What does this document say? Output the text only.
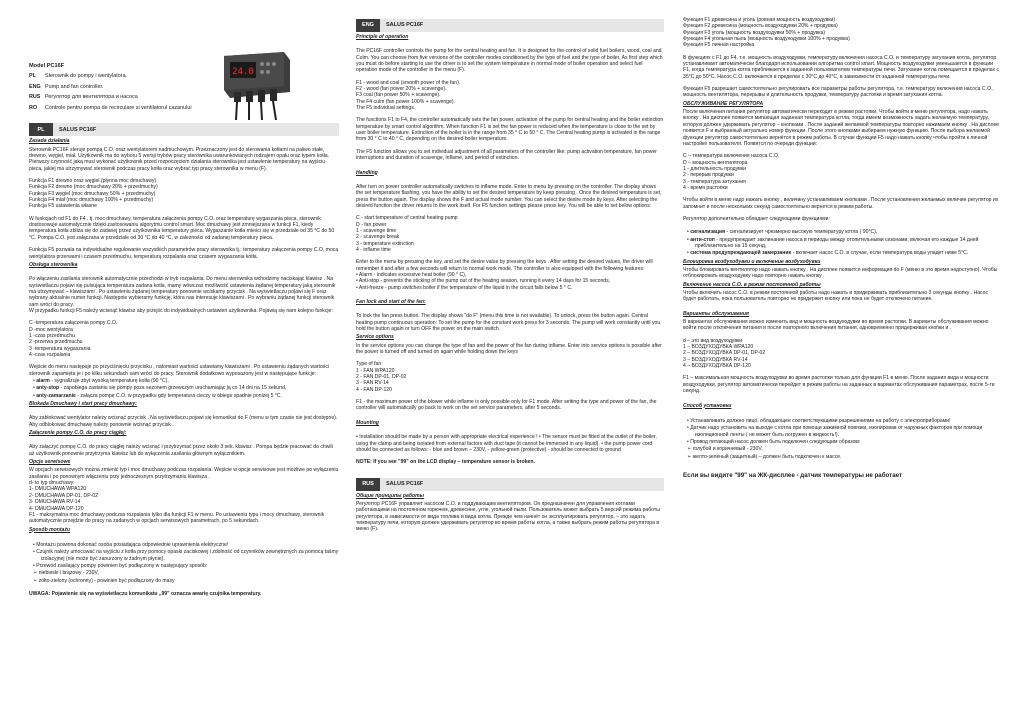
Model PC16F
PL Sterownik do pompy i wentylatora.
ENG Pump and fan controller.
RUS Регулятор для вентилятора и насоса
RO Controle pentru pompa de recirculare si ventilatorul cazanului
PL	SALUS PC16F
Zasada działania

Sterownik PC16F steruje pompą C.O. oraz wentylatorem nadmuchowym. Przeznaczony jest do sterowania kotłami na paliwo stałe, drewno, węgiel, miał. Użytkownik ma do wyboru 5 wersji trybów pracy sterownika uwarunkowanych rodzajem opału oraz typem kotła. Pierwszy czynność jaką musi wykonać użytkownik przed rozpoczęciem działania sterownika jest ustawienie temperatury na wyjściu pieca, jakiej ma utrzymywać sterownik podczas pracy kotła oraz wybrać typ pracy sterownika w menu (F).

Funkcja F1 drewno oraz węgiel (płynna moc dmuchawy)

Funkcja F2 drewno (moc dmuchawy 20% + przedmuchy)

Funkcja F3 węgiel (moc dmuchawy 50% + przedmuchy)

Funkcja F4 miał (moc dmuchawy 100% + przedmuchy)

Funkcja F5 ustawienia własne

W funkcjach od F1 do F4 , tj. moc dmuchawy, temperatura załączenia pompy C.O. oraz temperaturę wygaszania pieca, sterownik dostosowuje automatycznie dzięki zastosowaniu algorytmu control smart. Moc dmuchawy jest zmniejszana w funkcji F1, kiedy temperatura kotła zbliża się do zadanej przez użytkownika temperatury pieca. Wygaszanie kotła mieści się w przedziale od 35 °C do 50 °C. Pompa C.O. jest załączana w przedziale od 30 °C do 40 °C, w zależności od zadanej temperatury pieca.

Funkcja F5 pozwala na indywidualne regulowanie wszystkich parametrów pracy sterownika tj.: temperatury załączenia pompy C.O, mocą wentylatora przerwami i czasem przedmuchu, temperaturą rozpalania oraz czasem wygaszania kotła.

Obsługa sterownika

Po włączeniu zasilania sterownik automatycznie przechodzi w tryb rozpalania. Do menu sterownika wchodzimy naciskając klawisz . Na wyświetlaczu pojawi się pulsująca temperatura zadana kotła, mamy wówczas możliwość ustawienia żądanej temperatury jaką sterownik ma utrzymywać – klawiszami . Po ustawieniu żądanej temperatury ponownie wciskamy przycisk . Na wyświetlaczu pojawi się F oraz wybrany aktualnie numer funkcji. Następnie wybieramy funkcję, która nas interesuje klawiszami . Po wybraniu żądanej funkcji sterownik sam wróci do pracy.

W przypadku funkcji F5 należy wcisnąć klawisz aby przejść do indywidualnych ustawień użytkownika. Pojawią się nam kolejno funkcje:

C -temperatura załączenia pompy C.O.

D -moc wentylatora

1 -czas przedmuchu

2 -przerwa przedmuchu

3 -temperatura wygaszania

4 -czas rozpalania

Wejście do menu następuje po przyciśnięciu przycisku , natomiast wartości ustawiamy klawiszami . Po ustawieniu żądanych wartości sterownik zapamięta je i po kilku sekundach sam wróci do pracy. Sterownik dodatkowo wyposażony jest w następujące funkcje:

• alarm - sygnalizuje zbyt wysoką temperaturę kotła (90 °C),

• anty-stop - zapobiega zastaniu się pompy poza sezonem grzewczym uruchamiając ją co 14 dni na 15 sekund,

• anty-zamarzanie - załącza pompę C.O. w przypadku gdy temperatura cieczy w obiegu spadnie poniżej 5 °C.

Blokada Dmuchawy i start pracy dmuchawy:

Aby zablokować wentylator należy wcisnąć przycisk . Na wyświetlaczu pojawi się komunikat do F (menu w tym czasie nie jest dostępne). Aby odblokować dmuchawę należy ponownie wcisnąć przycisk .

Załączenie pompy C.O. do pracy ciągłej:

Aby załączyć pompę C.O. do pracy ciągłej należy wcisnąć i przytrzymać przez około 3 sek. klawisz . Pompa będzie pracować do chwili aż użytkownik ponownie przytrzyma klawisz lub do wyłączenia zasilania głównym wyłącznikiem.

Opcje serwisowe

W opcjach serwisowych można zmienić typ i moc dmuchawy podczas rozpalania. Wejście w opcje serwisowe jest możliwe po wyłączeniu zasilania i po ponownym włączeniu przy jednoczesnym przytrzymaniu klawisza .

d- to typ dmuchawy:

1- DMUCHAWA WPA120

2- DMUCHAWA DP-01, DP-02

3- DMUCHAWA RV-14

4- DMUCHAWA DP-120

F1 - maksymalna moc dmuchawy podczas rozpalania tylko dla funkcji F1 w menu. Po ustawieniu typu i mocy dmuchawy, sterownik automatycznie przejdzie do pracy na zadanych w opcjach serwisowych parametrach, po 5 sekundach.

Sposób montażu

• Montażu powinna dokonać osoba posiadająca odpowiednie uprawnienia elektryczne!

• Czujnik należy umocować na wyjściu z kotła przy pomocy opaski zaciskowej i zdolność od czynników zewnętrznych za pomocą taśmy izolacyjnej (nie może być zanurzony w żadnym płynie).

• Przewód zasilający pompy powinien być podłączony w następujący sposób:

➢ niebieski i brązowy - 230V,

➢ żółto-zielony (ochronny) - powinien być podłączony do masy

UWAGA: Pojawienie się na wyświetlaczu komunikatu „99" oznacza awarię czujnika temperatury.

24.0
ENG	SALUS PC16F
Principle of operation

The PC16F controller controls the pump for the central heating and fan. It is designed for the control of solid fuel boilers, wood, coal and Culm. You can choose from five versions of the controller modes conditioned by the type of fuel and the type of boiler. As first step which you must do before starting to use the driver is to set the system temperature in normal mode of boiler operation and select fuel operation mode of the controller in the menu (F).

F1 - wood and coal (smooth power of the fan).

F2 - wood (fan power 20% + scavenge).

F3 coal (fan power 50% + scavenge).

The F4 culm (fan power 100% + scavenge).

The F5 individual settings.

The functions F1 to F4, the controller automatically sets the fan power, activation of the pump for central heating and the boiler extinction temperature by smart control algorithm. When function F1 is set the fan power is reduced when the temperature is close to the set by user boiler temperature. Extinction of the boiler is in the range from 35 ° C to 50 ° C. The Central heating pump is activated in the range from 30 ° C to 40 ° C, depending on the desired boiler temperature.

The F5 function allows you to set individual adjustment of all parameters of the controller like: pump activation temperature, fan power interruptions and duration of scavenge, inflame, and period of extinction.

Handling

After turn on power controller automatically switches to inflame mode. Enter to menu by pressing on the controller. The display shows the set temperature flashing, you have the ability to set the desired temperature by keep pressing . Once the desired temperature is set, press the button again. The display shows the F and actual mode number. You can select the desire mode by keys. After selecting the desired function the driver returns to the work itself. For F5 function settings please press key. You will be able to set below options:

C - start temperature of central heating pump

D - fan power

1 - scavenge time

2 - scavenge break

3 - temperature extinction

4 - inflame time

Enter to the menu by pressing the key, and set the desire value by pressing the keys . After setting the desired values, the driver will remember it and after a few seconds will return to normal work mode. The controller is also equipped with the following features:

• Alarm - indicates excessive heat boiler (90 ° C),

• Anti-stop - prevents the sticking of the pump out of the heating season, running it every 14 days for 15 seconds,

• Anti-freeze - pump switches boiler if the temperature of the liquid in the circuit falls below 5 ° C.

Fan lock and start of the fan:

To lock the fan press button. The display shows "do F" (menu this time is not available). To unlock, press the button again. Central heating pump continuous operation: To set the pump for the constant work press for 3 seconds. The pump will work constantly until you hold the button again or turn OFF the power on the main switch.

Service options

In the service options you can change the type of fan and the power of the fan during inflame. Enter into service options is possible after the power is turned off and turned on again while holding down the keys

Type of fan:

1 - FAN WPA120

2 - FAN DP-01, DP-02

3 - FAN RV-14

4 - FAN DP-120

F1 - the maximum power of the blower while inflame is only possible only for F1 mode. After setting the type and power of the fan, the controller will automatically go back to work on the set service parameters, after 5 seconds.

Mounting

• Installation should be made by a person with appropriate electrical experience ! • The sensor must be fitted at the outlet of the boiler, using the clamp and being isolated from external factors with duct tape (it cannot be immersed in any liquid). • the pump power cord should be connected as follows: - blue and brown – 230V, - yellow-green (protective) - should be connected to ground

NOTE: If you see "99" on the LCD display – temperature sensor is broken.

RUS	SALUS PC16F
Общие принципы работы

Регулятор PC16F управляет насосом С.О. и поддувающим вентилятором. Он предназначен для управления котлами работающими на постоянном горючем, древесине, угле, угольной пыли. Пользователь может выбрать 5 версий режима работы регулятора, в зависимости от вида топлива и вида котла. Прежде чем начнёт он эксплуатировать регулятор, – это задать температуру печи, которую должен удерживать регулятор во время работы котла, а также выбрать режим работы регулятора в меню (F).

Функция F1 древесина и уголь (ровная мощность воздуходувки)

Функция F2 древесина (мощность воздуходувки 20% + продувка)

Функция F3 уголь (мощность воздуходувки 50% + продувка)

Функция F4 угольная пыль (мощность воздуходувки 100% + продувка)

Функция F5 личная настройка

В функциях с F1 до F4, т.е. мощность воздуходувки, температуру включения насоса С.О. и температуру затухания котла, регулятор устанавливает автоматически благодаря использовании алгоритма control smart. Мощность воздуходувки уменьшается в функции F1, когда температура котла приближается к заданной пользователем температуры печи. Затухание котла помещается в пределах с 35°С до 50°С. Насос С.О. включается в пределах с 30°С до 40°С, в зависимости от заданной температуры печи.

Функция F5 разрешает самостоятельно регулировать все параметры работы регулятора, т.е. температуру включения насоса С.О., мощность вентилятора, перерывы и длительность продувки, температуру растопки и время затухания котла.

ОБСЛУЖИВАНИЕ РЕГУЛЯТОРА

После включения питания регулятор автоматически переходит в режим растопки. Чтобы войти в меню регулятора, надо нажать кнопку . На дисплее появится мигающая заданная температура котла, тогда имеем возможность задать желаемую температуру, которую должен удерживать регулятор – кнопками . После заданий желаемой температуры повторно нажимаем кнопку . На дисплее появится F и выбранный актуально номер функции. После этого кнопками выбираем нужную функцию. После выбора желаемой функции регулятор самостоятельно вернётся в режим работы. В случае функции F5 надо нажать кнопку чтобы пройти к личной настройке пользователя. Появятся по очереди функции:

C – температура включения насоса С.О.

D – мощность вентилятора

1 - длительность продувки

2 - перерыв продувки

3 - температура затухания

4 - время растопки

Чтобы войти в меню надо нажать кнопку , величину устанавливаем кнопками . После установления желаемых величин регулятор их запомнит и после нескольких секунд самостоятельно вернется в режим работы.

Регулятор дополнительно обладает следующими функциями:

• сигнализация - сигнализирует чрезмерно высокую температуру котла ( 90°С),

• анти-стоп - предупреждает заклинание насоса в периоды между отопительными сезонами, включая его каждые 14 дней приблизительно на 15 секунд,

• система предупреждающей замерзание - включает насос С.О. в случае, если температура воды упадет ниже 5°С.

Блокировка воздуходувки и включение воздуходувки

Чтобы блокировать вентилятор надо нажать кнопку . На дисплее появится информация do F (меню в это время недоступно). Чтобы отблокировать воздуходувку надо повторно нажать кнопку .

Включение насоса С.О. в режим постоянной работы

Чтобы включить насос С.О. в режим постоянной работы надо нажать и придерживать приблизительно 3 секунды кнопку . Насос будет работать, пока пользователь повторно не придержит кнопку или пока не будет отключено питание.

Варианты обслуживания

В вариантах обслуживания можно изменить вид и мощность воздуходувки во время растопки. В варианты обслуживания можно войти после отключения питания и после повторного включения питания, одновременно придерживая кнопки и .

d – это вид воздуходувки

1 – ВОЗДУХОДУВКА WPA120

2 – ВОЗДУХОДУВКА DP-01, DP-02

3 – ВОЗДУХОДУВКА RV-14

4 – ВОЗДУХОДУВКА DP-120

F1 – максимальная мощность воздуходувки во время растопки только для функции F1 в меню. После задания вида и мощности воздуходувки, регулятор автоматически перейдет в режим работы на заданных в вариантах обслуживания параметрах, после 5-ти секунд.

Способ установки

• Устанавливать должно лицо, обладающее соответствующими разрешениями на работу с электроприборами!

• Датчик надо установить на выходе с котла при помощи зажимной повязки, изолировав от наружных факторов при помощи изоляционной ленты ( не может быть погружен в жидкость!).

• Провод питающий насос должен быть подключен следующим образом:

➢ голубой и коричневый - 230V,

➢ желто-зеленый (защитный) – должен быть подключен к массе.

Если вы видите "99" на ЖК-дисплее - датчик температуры не работает
